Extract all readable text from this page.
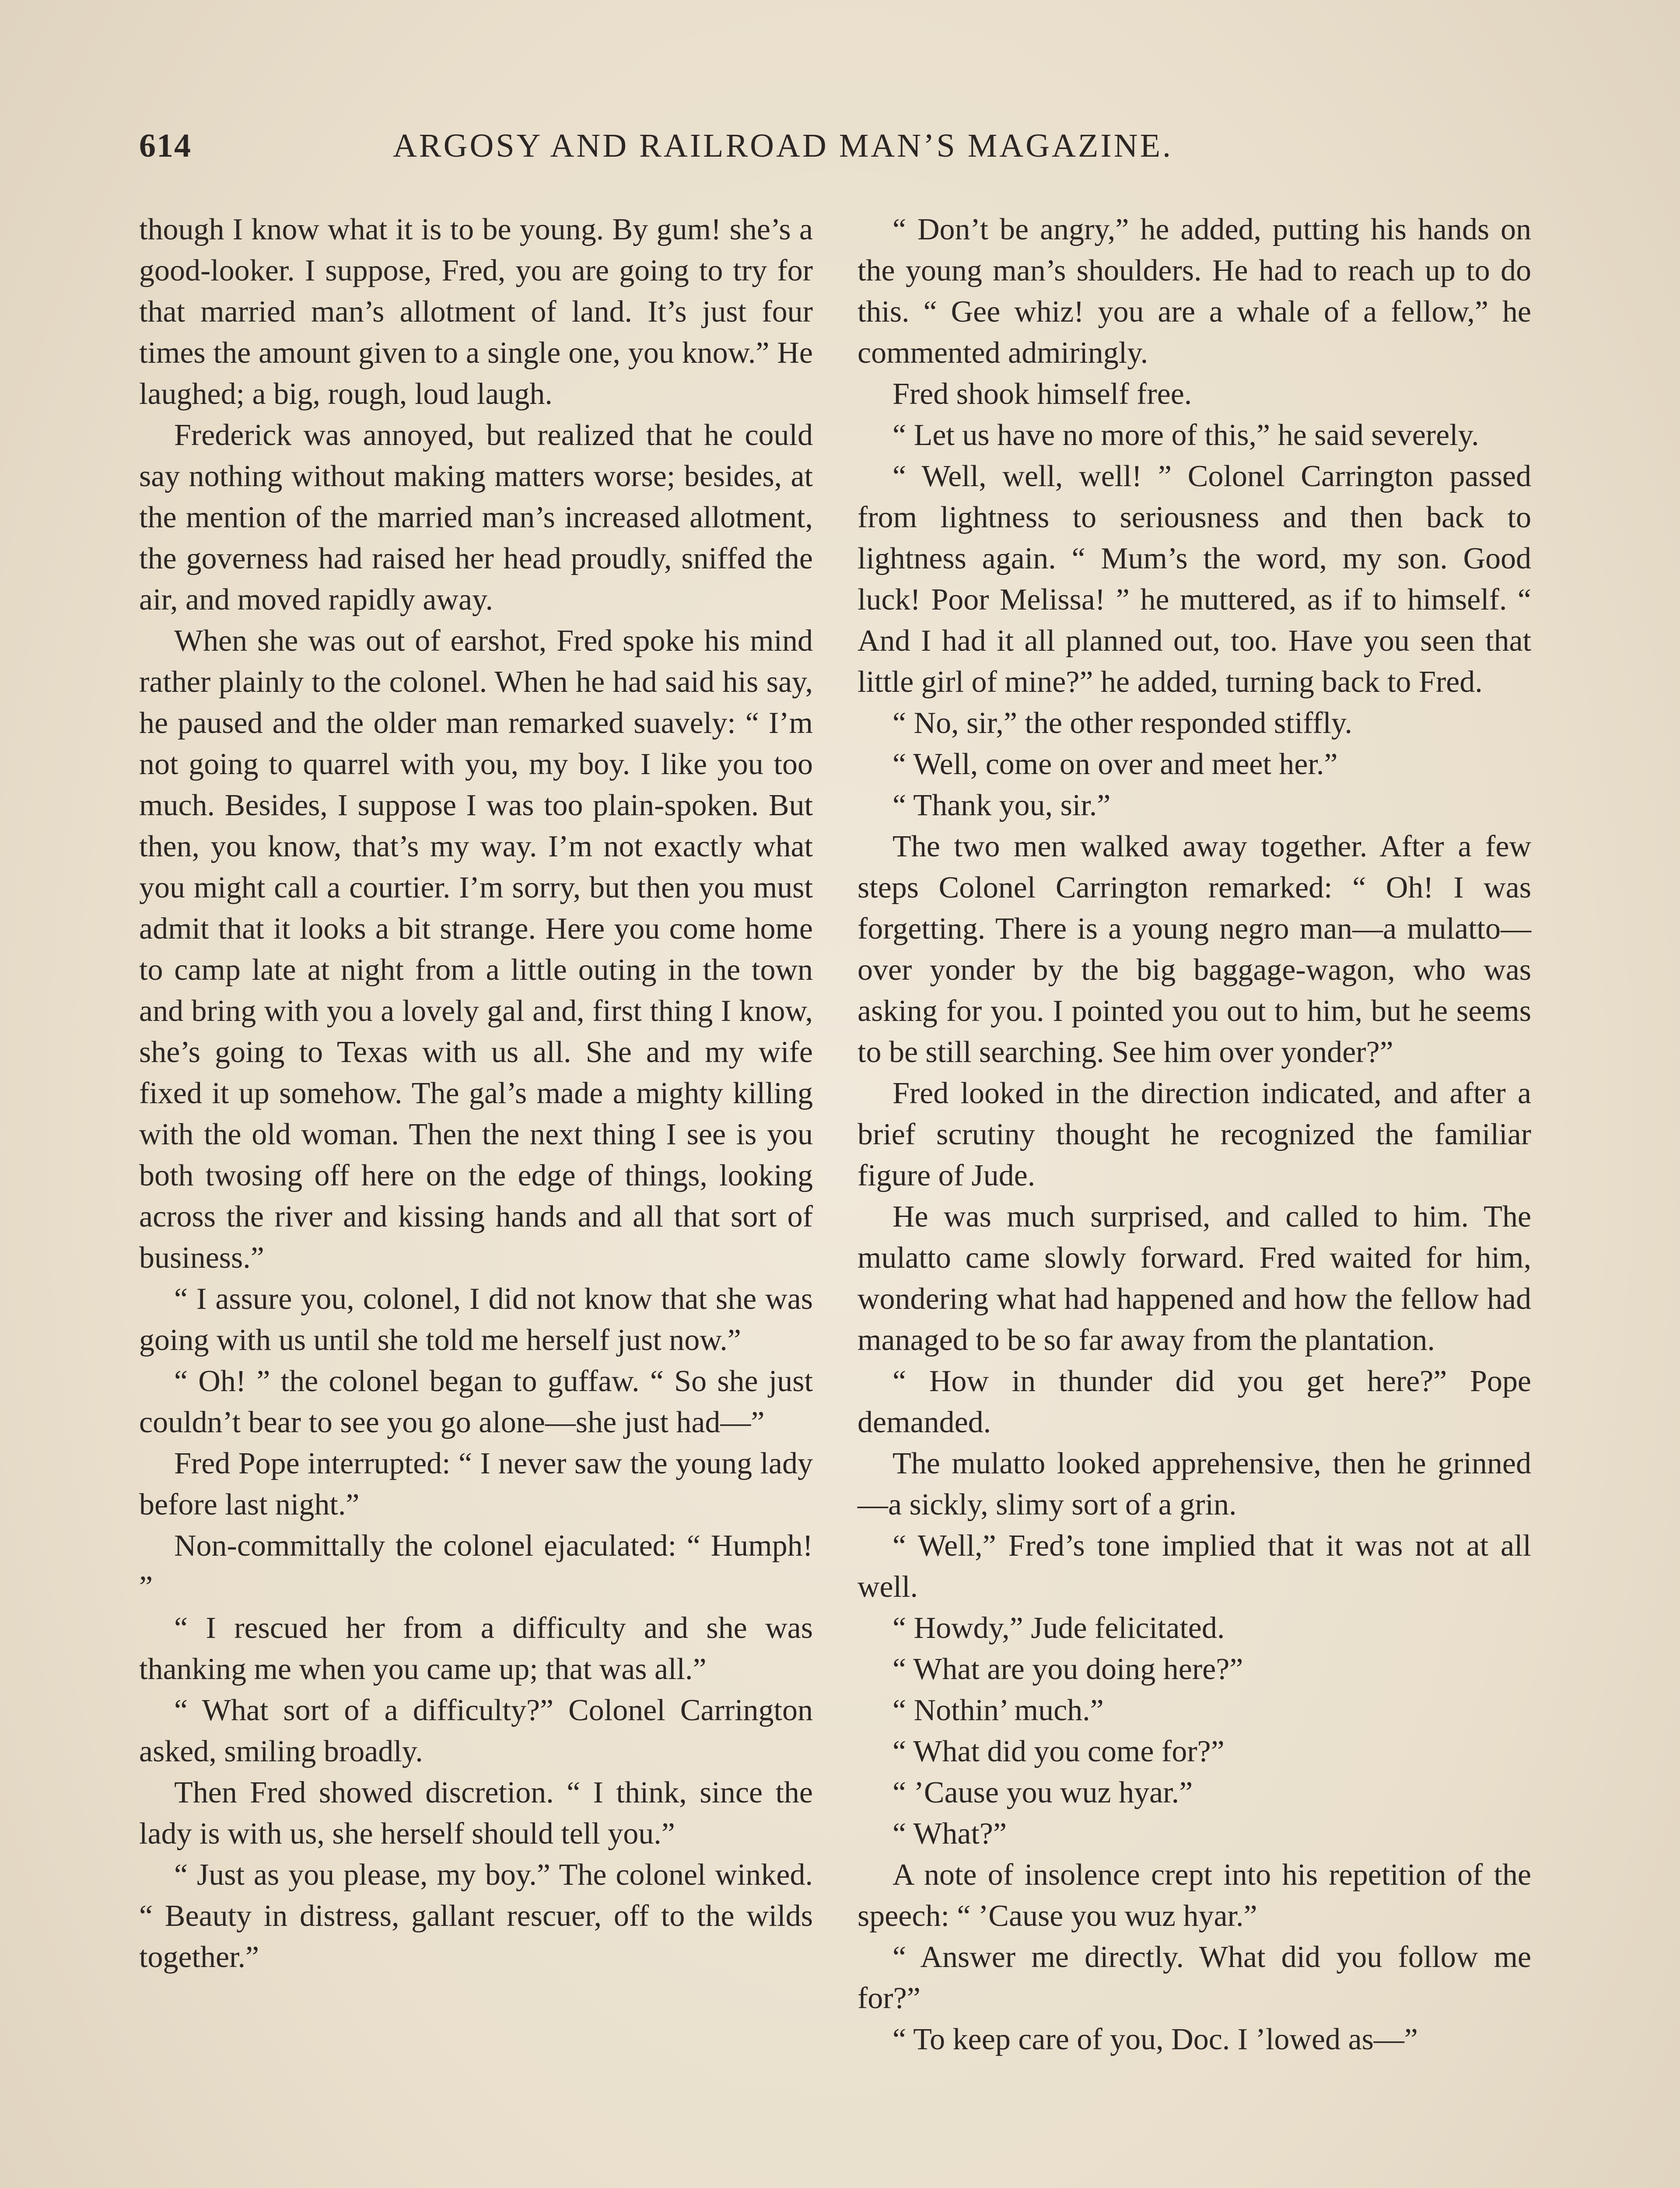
614	ARGOSY AND RAILROAD MAN’S MAGAZINE.

though I know what it is to be young. By gum! she’s a good-looker. I suppose, Fred, you are going to try for that married man’s allotment of land. It’s just four times the amount given to a single one, you know.” He laughed; a big, rough, loud laugh.

Frederick was annoyed, but realized that he could say nothing without making matters worse; besides, at the mention of the married man’s increased allotment, the governess had raised her head proudly, sniffed the air, and moved rapidly away.

When she was out of earshot, Fred spoke his mind rather plainly to the colonel. When he had said his say, he paused and the older man remarked suavely: “ I’m not going to quarrel with you, my boy. I like you too much. Besides, I suppose I was too plain-spoken. But then, you know, that’s my way. I’m not exactly what you might call a courtier. I’m sorry, but then you must admit that it looks a bit strange. Here you come home to camp late at night from a little outing in the town and bring with you a lovely gal and, first thing I know, she’s going to Texas with us all. She and my wife fixed it up somehow. The gal’s made a mighty killing with the old woman. Then the next thing I see is you both twosing off here on the edge of things, looking across the river and kissing hands and all that sort of business.”

“ I assure you, colonel, I did not know that she was going with us until she told me herself just now.”

“ Oh! ” the colonel began to guffaw. “ So she just couldn’t bear to see you go alone—she just had—”

Fred Pope interrupted: “ I never saw the young lady before last night.”

Non-committally the colonel ejaculated: “ Humph! ”

“ I rescued her from a difficulty and she was thanking me when you came up; that was all.”

“ What sort of a difficulty?” Colonel Carrington asked, smiling broadly.

Then Fred showed discretion. “ I think, since the lady is with us, she herself should tell you.”

“ Just as you please, my boy.” The colonel winked. “ Beauty in distress, gallant rescuer, off to the wilds together.”

“ Don’t be angry,” he added, putting his hands on the young man’s shoulders. He had to reach up to do this. “ Gee whiz! you are a whale of a fellow,” he commented admiringly.

Fred shook himself free.

“ Let us have no more of this,” he said severely.

“ Well, well, well! ” Colonel Carrington passed from lightness to seriousness and then back to lightness again. “ Mum’s the word, my son. Good luck! Poor Melissa! ” he muttered, as if to himself. “ And I had it all planned out, too. Have you seen that little girl of mine?” he added, turning back to Fred.

“ No, sir,” the other responded stiffly.

“ Well, come on over and meet her.”

“ Thank you, sir.”

The two men walked away together. After a few steps Colonel Carrington remarked: “ Oh! I was forgetting. There is a young negro man—a mulatto—over yonder by the big baggage-wagon, who was asking for you. I pointed you out to him, but he seems to be still searching. See him over yonder?”

Fred looked in the direction indicated, and after a brief scrutiny thought he recognized the familiar figure of Jude.

He was much surprised, and called to him. The mulatto came slowly forward. Fred waited for him, wondering what had happened and how the fellow had managed to be so far away from the plantation.

“ How in thunder did you get here?” Pope demanded.

The mulatto looked apprehensive, then he grinned—a sickly, slimy sort of a grin.

“ Well,” Fred’s tone implied that it was not at all well.

“ Howdy,” Jude felicitated.

“ What are you doing here?”

“ Nothin’ much.”

“ What did you come for?”

“ ’Cause you wuz hyar.”

“ What?”

A note of insolence crept into his repetition of the speech: “ ’Cause you wuz hyar.”

“ Answer me directly. What did you follow me for?”

“ To keep care of you, Doc. I ’lowed as—”
